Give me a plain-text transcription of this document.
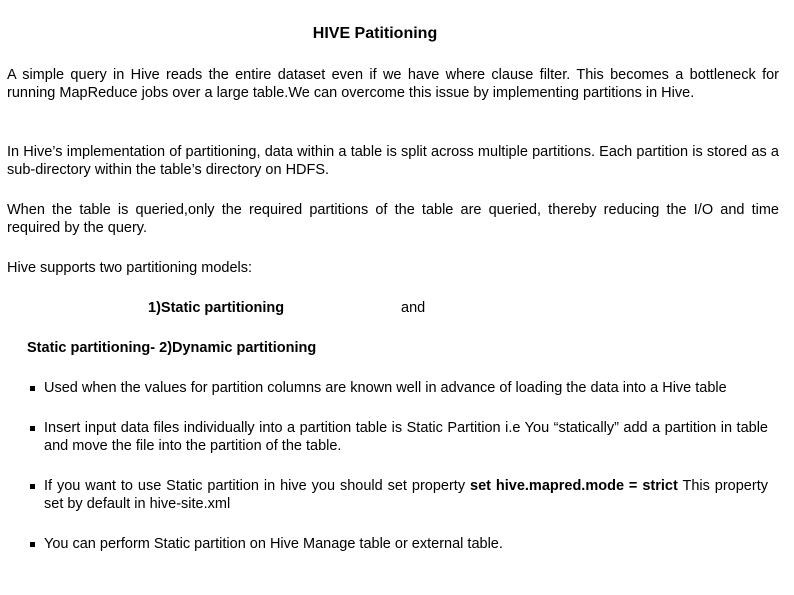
HIVE Patitioning
A simple query in Hive reads the entire dataset even if we have where clause filter. This becomes a bottleneck for running MapReduce jobs over a large table.We can overcome this issue by implementing partitions in Hive.
In Hive’s implementation of partitioning, data within a table is split across multiple partitions. Each partition is stored as a sub-directory within the table’s directory on HDFS.
When the table is queried,only the required partitions of the table are queried, thereby reducing the I/O and time required by the query.
Hive supports two partitioning models:
1)Static partitioning	and
Static partitioning- 2)Dynamic partitioning
Used when the values for partition columns are known well in advance of loading the data into a Hive table
Insert input data files individually into a partition table is Static Partition i.e You “statically” add a partition in table and move the file into the partition of the table.
If you want to use Static partition in hive you should set property set hive.mapred.mode = strict This property set by default in hive-site.xml
You can perform Static partition on Hive Manage table or external table.
